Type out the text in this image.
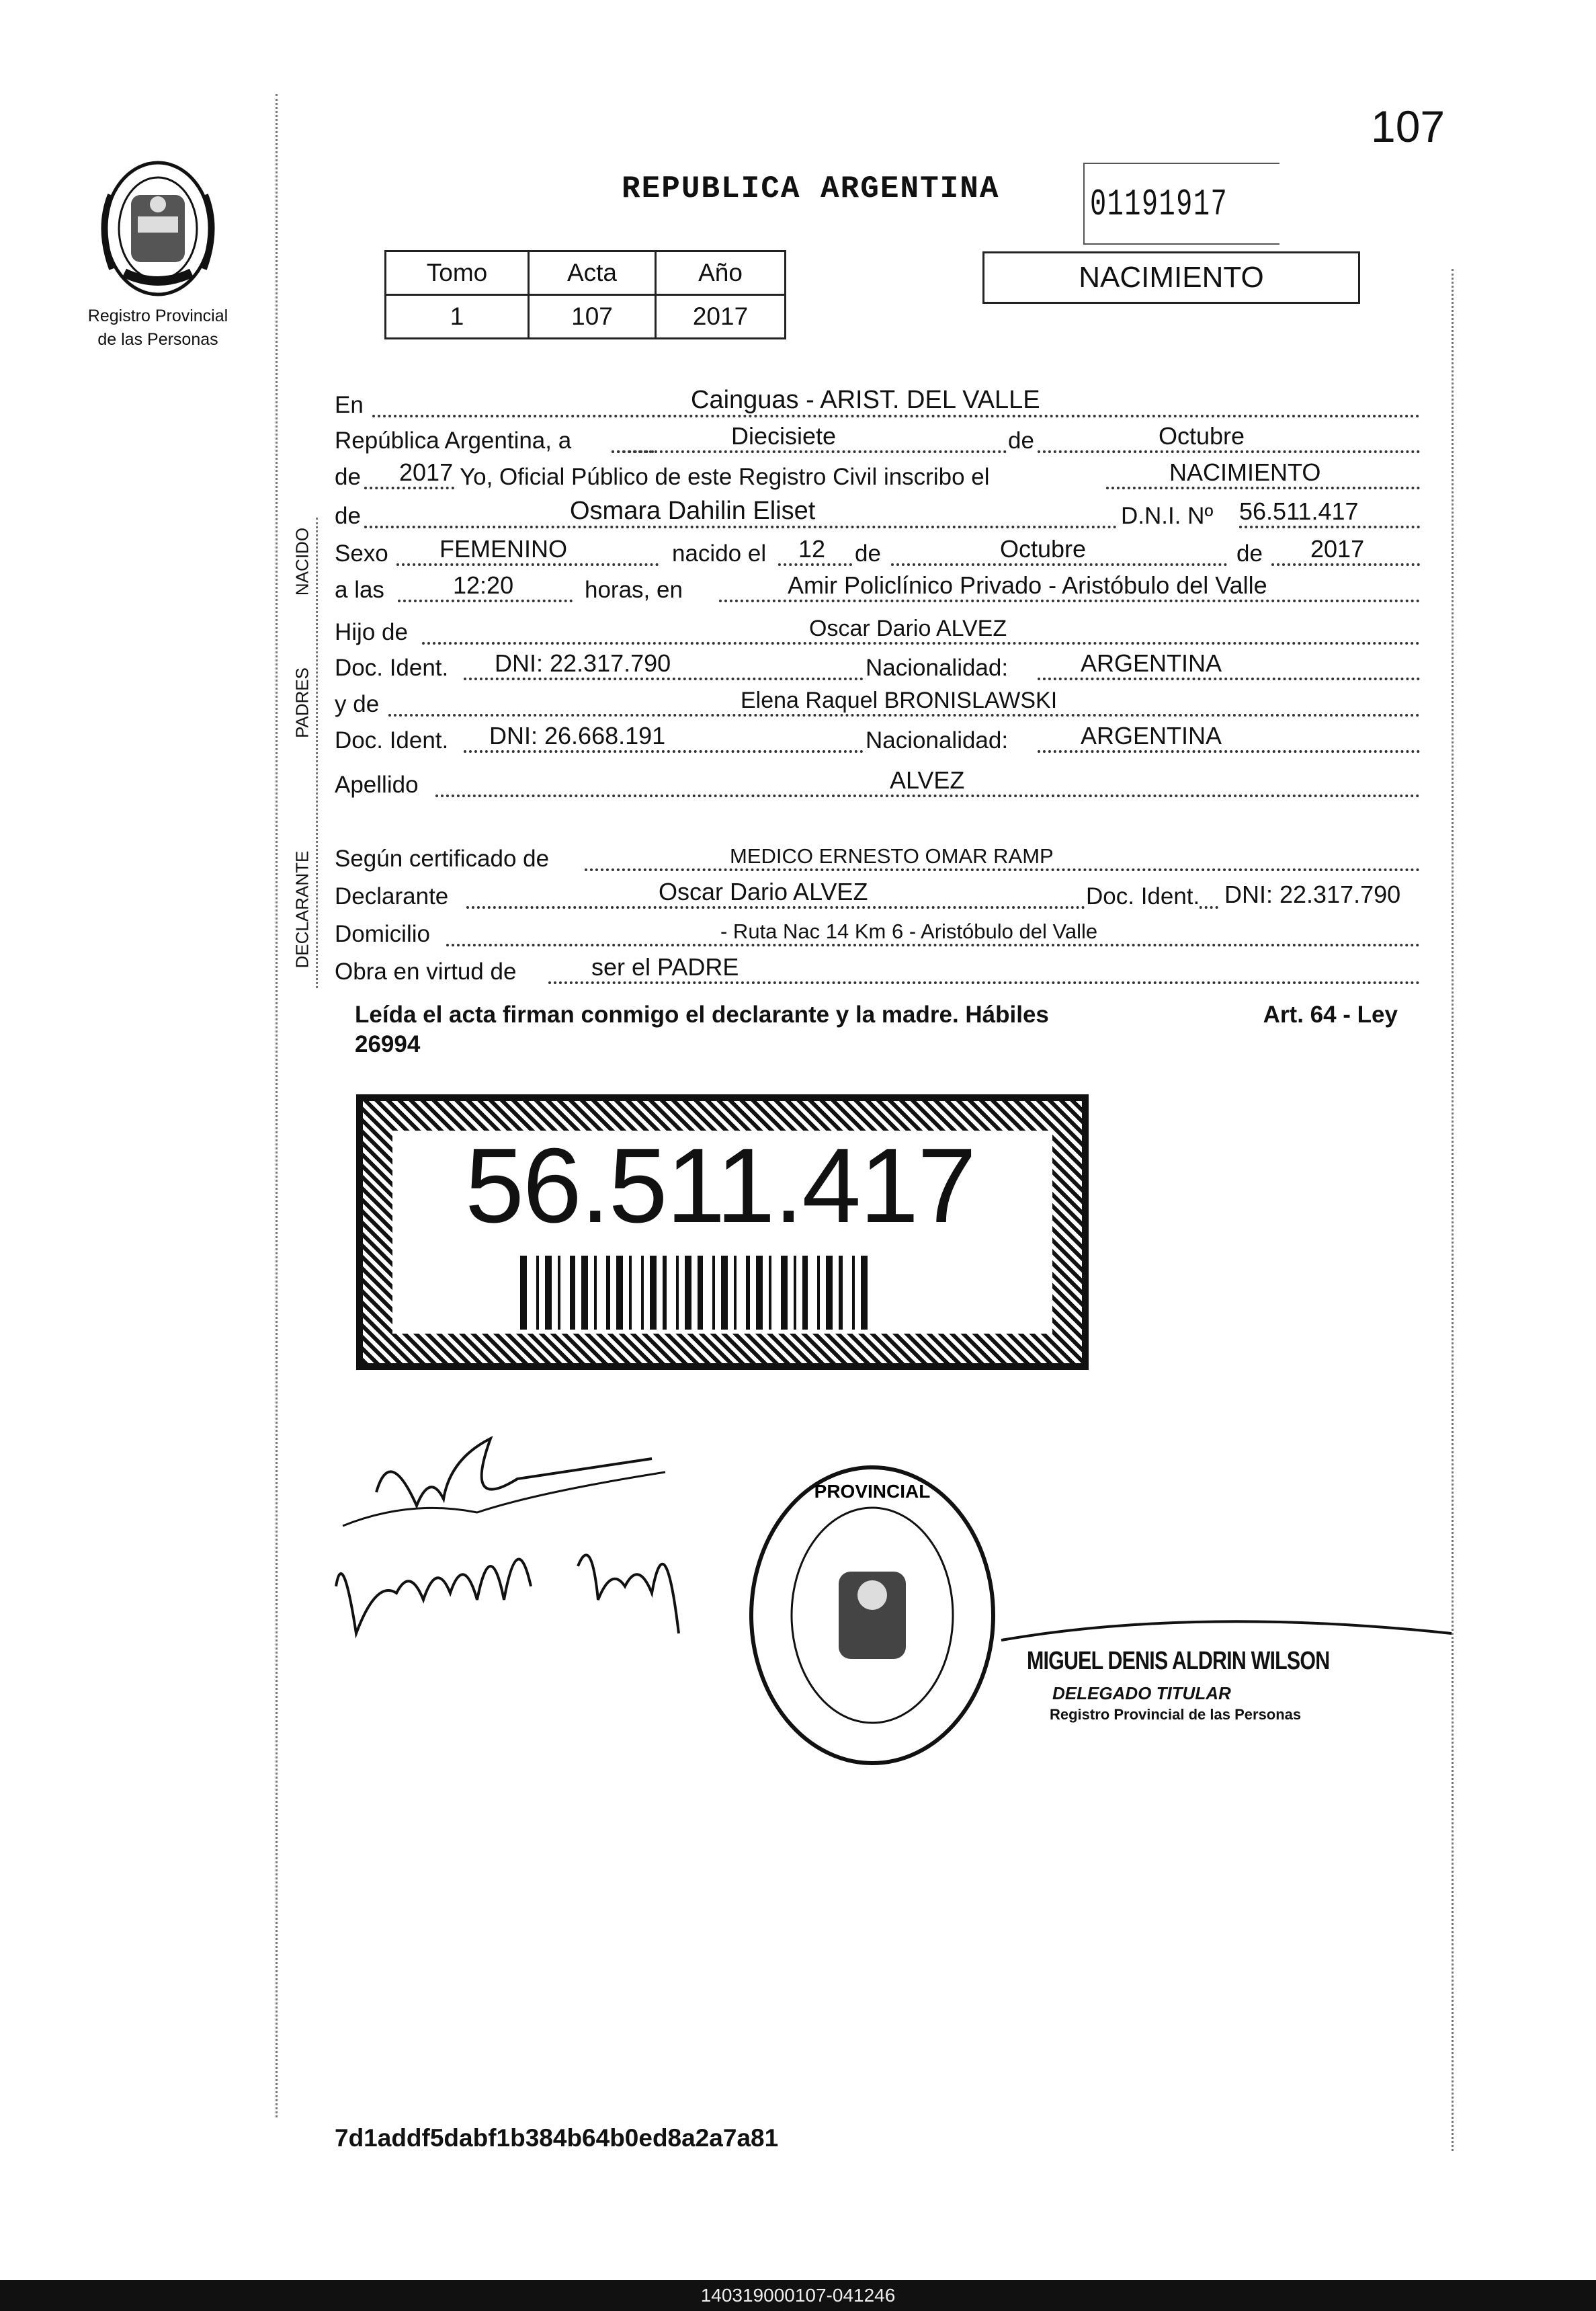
107
Registro Provincial
de las Personas
REPUBLICA ARGENTINA 01191917
Tomo	Acta	Año
1	107	2017
NACIMIENTO
NACIDO
PADRES
DECLARANTE
En	Cainguas - ARIST. DEL VALLE
República Argentina, a	Diecisiete	de	Octubre
de 2017 Yo, Oficial Público de este Registro Civil inscribo el	NACIMIENTO
de	Osmara Dahilin Eliset	D.N.I. Nº 56.511.417
Sexo FEMENINO	nacido el 12 de	Octubre	de 2017
a las	12:20	horas, en	Amir Policlínico Privado - Aristóbulo del Valle
Hijo de	Oscar Dario ALVEZ
Doc. Ident. DNI: 22.317.790	Nacionalidad:	ARGENTINA
y de	Elena Raquel BRONISLAWSKI
Doc. Ident. DNI: 26.668.191	Nacionalidad:	ARGENTINA
Apellido	ALVEZ
Según certificado de	MEDICO ERNESTO OMAR RAMP
Declarante	Oscar Dario ALVEZ	Doc. Ident. DNI: 22.317.790
Domicilio	- Ruta Nac 14 Km 6 - Aristóbulo del Valle
Obra en virtud de	ser el PADRE
Leída el acta firman conmigo el declarante y la madre. Hábiles	Art. 64 - Ley

26994
56.511.417
PROVINCIAL
MIGUEL DENIS ALDRIN WILSON
DELEGADO TITULAR
Registro Provincial de las Personas
7d1addf5dabf1b384b64b0ed8a2a7a81
140319000107-041246
